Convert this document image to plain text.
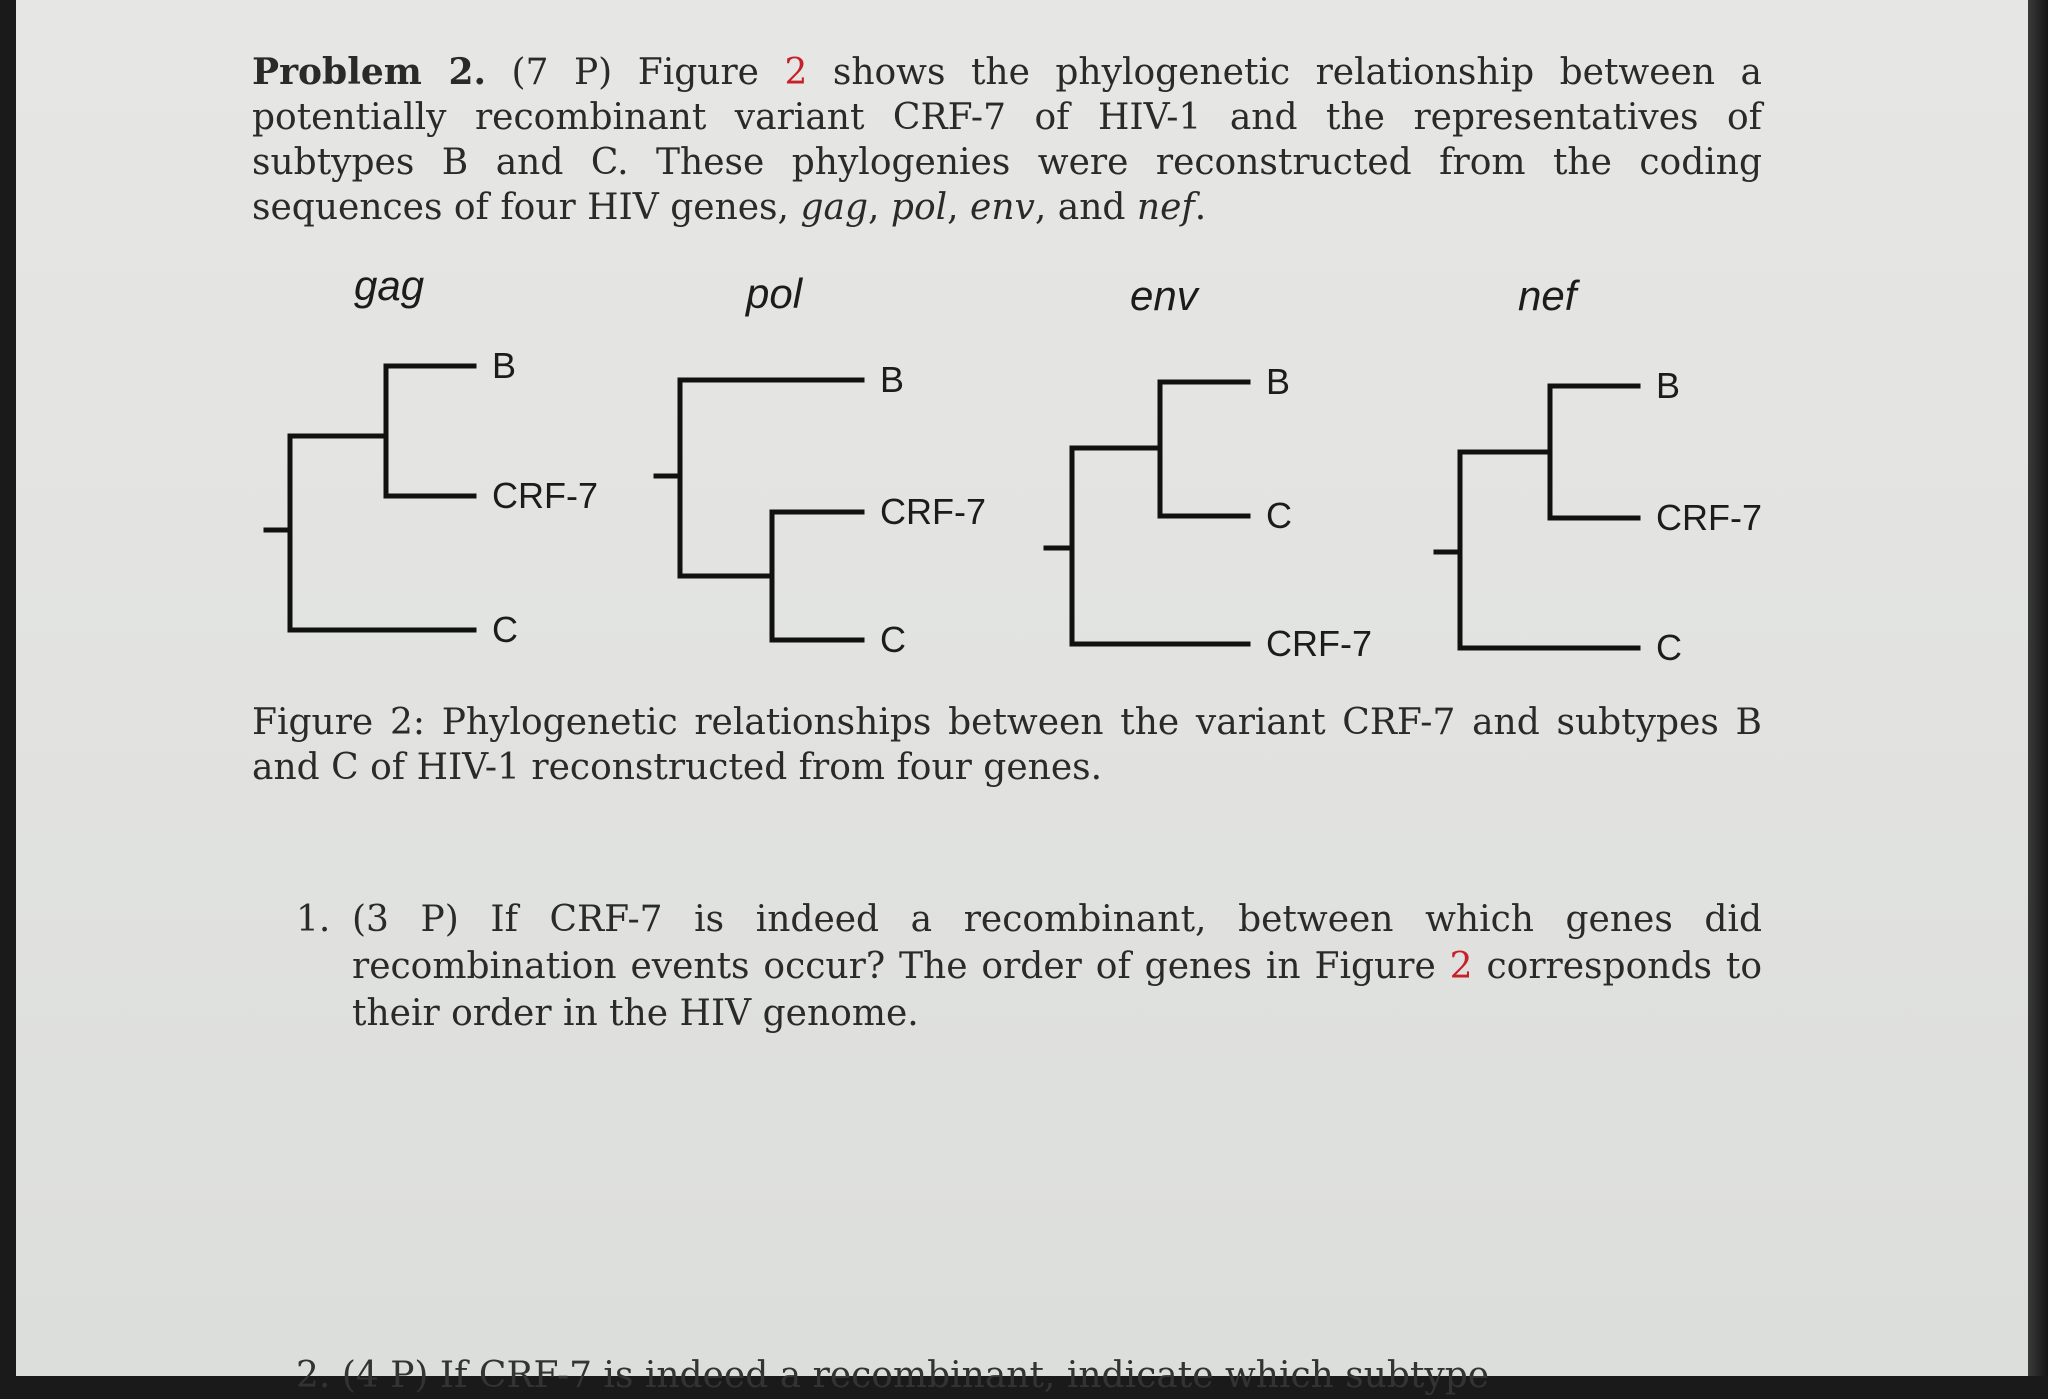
Problem 2. (7 P) Figure 2 shows the phylogenetic relationship between a potentially recombinant variant CRF-7 of HIV-1 and the representatives of subtypes B and C. These phylogenies were reconstructed from the coding sequences of four HIV genes, gag, pol, env, and nef.

gag
B
CRF-7
C
pol
B
CRF-7
C
env
B
C
CRF-7
nef
B
CRF-7
C

Figure 2: Phylogenetic relationships between the variant CRF-7 and subtypes B and C of HIV-1 reconstructed from four genes.

1. (3 P) If CRF-7 is indeed a recombinant, between which genes did recombination events occur? The order of genes in Figure 2 corresponds to their order in the HIV genome.
2. (4 P) If CRF-7 is indeed a recombinant, indicate which subtype
